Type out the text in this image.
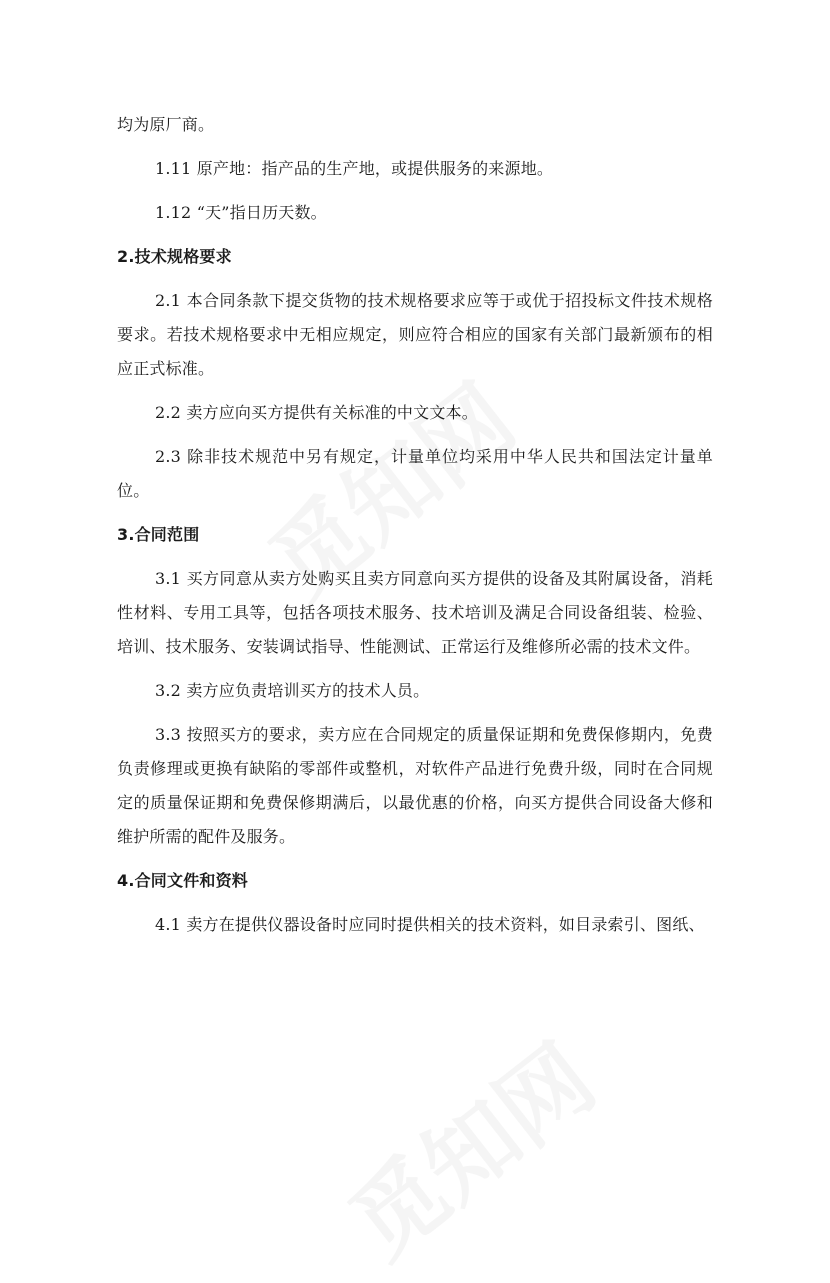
均为原厂商。

1.11 原产地：指产品的生产地，或提供服务的来源地。

1.12 “天”指日历天数。

2.技术规格要求

2.1 本合同条款下提交货物的技术规格要求应等于或优于招投标文件技术规格要求。若技术规格要求中无相应规定，则应符合相应的国家有关部门最新颁布的相应正式标准。

2.2 卖方应向买方提供有关标准的中文文本。

2.3 除非技术规范中另有规定，计量单位均采用中华人民共和国法定计量单位。

3.合同范围

3.1 买方同意从卖方处购买且卖方同意向买方提供的设备及其附属设备，消耗性材料、专用工具等，包括各项技术服务、技术培训及满足合同设备组装、检验、培训、技术服务、安装调试指导、性能测试、正常运行及维修所必需的技术文件。

3.2 卖方应负责培训买方的技术人员。

3.3 按照买方的要求，卖方应在合同规定的质量保证期和免费保修期内，免费负责修理或更换有缺陷的零部件或整机，对软件产品进行免费升级，同时在合同规定的质量保证期和免费保修期满后，以最优惠的价格，向买方提供合同设备大修和维护所需的配件及服务。

4.合同文件和资料

4.1 卖方在提供仪器设备时应同时提供相关的技术资料，如目录索引、图纸、
